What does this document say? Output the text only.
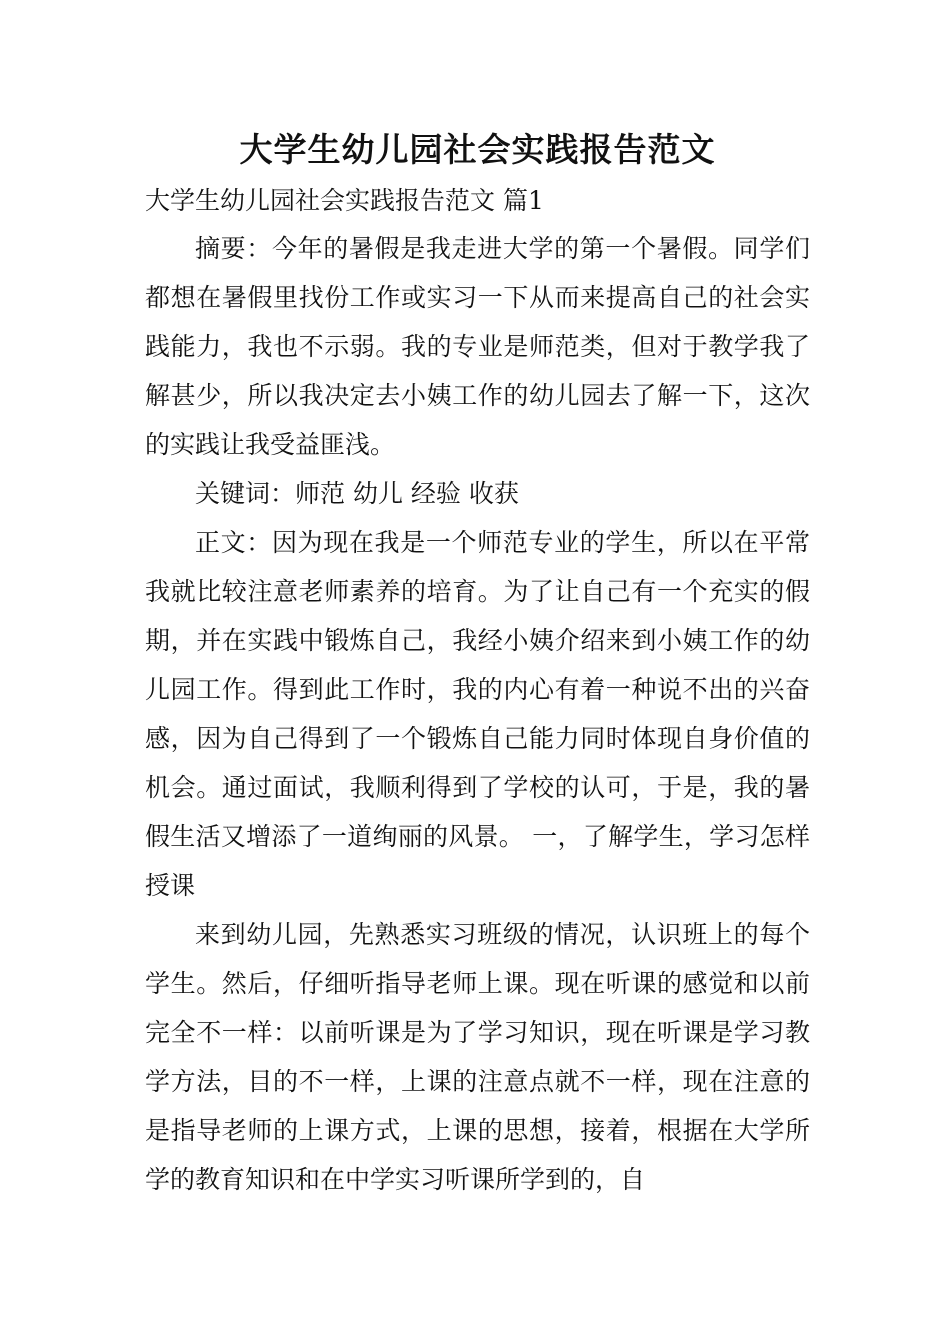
大学生幼儿园社会实践报告范文

大学生幼儿园社会实践报告范文 篇1

摘要：今年的暑假是我走进大学的第一个暑假。同学们都想在暑假里找份工作或实习一下从而来提高自己的社会实践能力，我也不示弱。我的专业是师范类，但对于教学我了解甚少，所以我决定去小姨工作的幼儿园去了解一下，这次的实践让我受益匪浅。

关键词：师范 幼儿 经验 收获

正文：因为现在我是一个师范专业的学生，所以在平常我就比较注意老师素养的培育。为了让自己有一个充实的假期，并在实践中锻炼自己，我经小姨介绍来到小姨工作的幼儿园工作。得到此工作时，我的内心有着一种说不出的兴奋感，因为自己得到了一个锻炼自己能力同时体现自身价值的机会。通过面试，我顺利得到了学校的认可，于是，我的暑假生活又增添了一道绚丽的风景。 一，了解学生，学习怎样授课

来到幼儿园，先熟悉实习班级的情况，认识班上的每个学生。然后，仔细听指导老师上课。现在听课的感觉和以前完全不一样：以前听课是为了学习知识，现在听课是学习教学方法，目的不一样，上课的注意点就不一样，现在注意的是指导老师的上课方式，上课的思想，接着，根据在大学所学的教育知识和在中学实习听课所学到的，自
